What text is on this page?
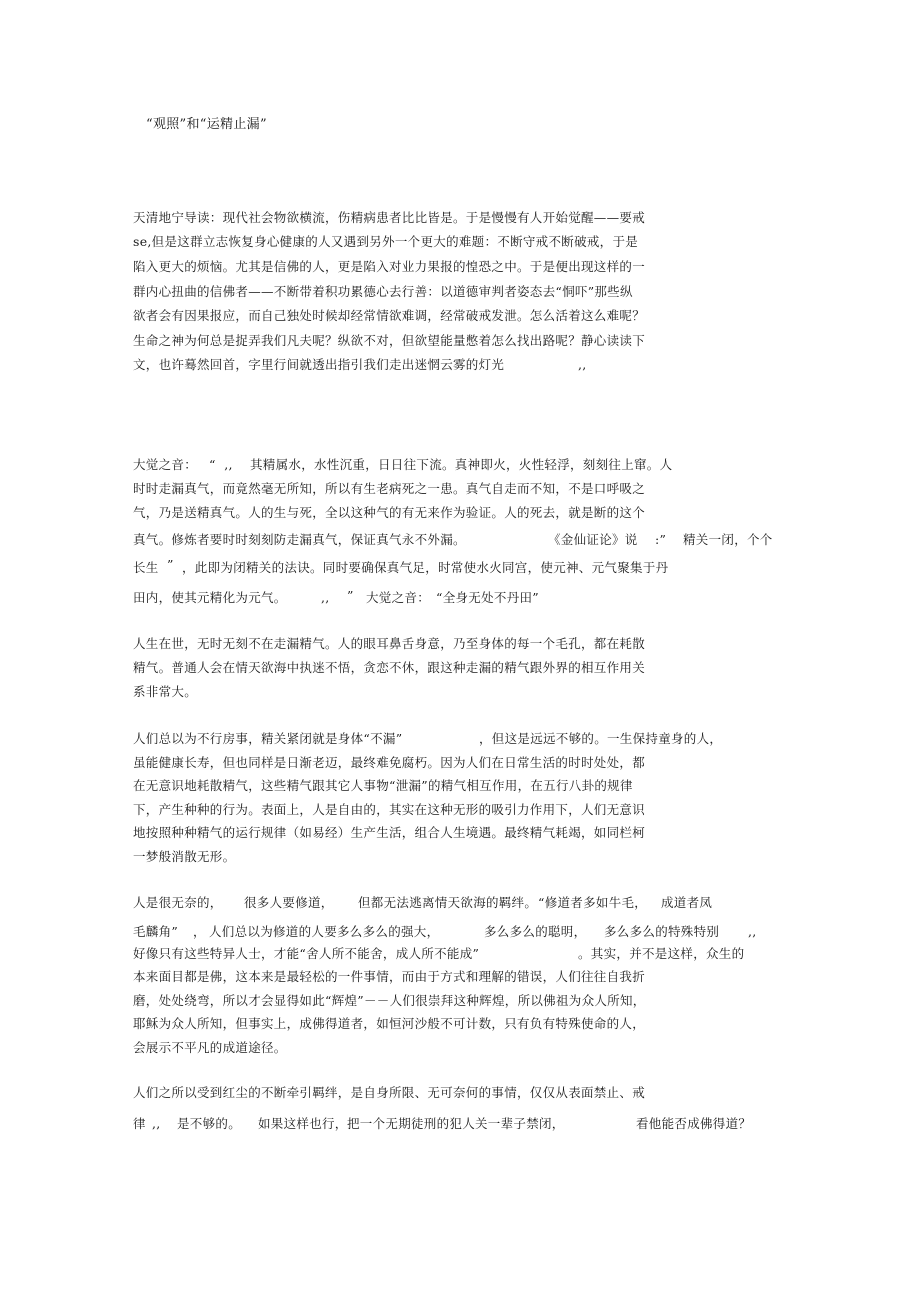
“观照”和“运精止漏”
天清地宁导读：现代社会物欲横流，伤精病患者比比皆是。于是慢慢有人开始觉醒——要戒
se,但是这群立志恢复身心健康的人又遇到另外一个更大的难题：不断守戒不断破戒，于是
陷入更大的烦恼。尤其是信佛的人，更是陷入对业力果报的惶恐之中。于是便出现这样的一
群内心扭曲的信佛者——不断带着积功累德心去行善：以道德审判者姿态去“恫吓”那些纵
欲者会有因果报应，而自己独处时候却经常情欲难调，经常破戒发泄。怎么活着这么难呢？
生命之神为何总是捉弄我们凡夫呢？纵欲不对，但欲望能量憋着怎么找出路呢？静心读读下
文，也许蓦然回首，字里行间就透出指引我们走出迷惘云雾的灯光	,,
大觉之音： “  ,, 其精属水，水性沉重，日日往下流。真神即火，火性轻浮，刻刻往上窜。人
时时走漏真气，而竟然毫无所知，所以有生老病死之一患。真气自走而不知，不是口呼吸之
气，乃是送精真气。人的生与死，全以这种气的有无来作为验证。人的死去，就是断的这个
真气。修炼者要时时刻刻防走漏真气，保证真气永不外漏。	《金仙证论》说 :” 精关一闭，个个
长生 ” ，此即为闭精关的法诀。同时要确保真气足，时常使水火同宫，使元神、元气聚集于丹
田内，使其元精化为元气。	,, ” 大觉之音： “全身无处不丹田”
人生在世，无时无刻不在走漏精气。人的眼耳鼻舌身意，乃至身体的每一个毛孔，都在耗散
精气。普通人会在情天欲海中执迷不悟，贪恋不休，跟这种走漏的精气跟外界的相互作用关
系非常大。
人们总以为不行房事，精关紧闭就是身体“不漏”	，但这是远远不够的。一生保持童身的人，
虽能健康长寿，但也同样是日渐老迈，最终难免腐朽。因为人们在日常生活的时时处处，都
在无意识地耗散精气，这些精气跟其它人事物“泄漏”的精气相互作用，在五行八卦的规律
下，产生种种的行为。表面上，人是自由的，其实在这种无形的吸引力作用下，人们无意识
地按照种种精气的运行规律（如易经）生产生活，组合人生境遇。最终精气耗竭，如同栏柯
一梦般消散无形。
人是很无奈的， 很多人要修道， 但都无法逃离情天欲海的羁绊。 “修道者多如牛毛， 成道者凤
毛麟角” ， 人们总以为修道的人要多么多么的强大，	多么多么的聪明， 多么多么的特殊特别 ,,
好像只有这些特异人士，才能“舍人所不能舍，成人所不能成”	。其实，并不是这样，众生的
本来面目都是佛，这本来是最轻松的一件事情，而由于方式和理解的错误，人们往往自我折
磨，处处绕弯，所以才会显得如此“辉煌”－－人们很崇拜这种辉煌，所以佛祖为众人所知，
耶稣为众人所知，但事实上，成佛得道者，如恒河沙般不可计数，只有负有特殊使命的人，
会展示不平凡的成道途径。
人们之所以受到红尘的不断牵引羁绊，是自身所限、无可奈何的事情，仅仅从表面禁止、戒
律 ,, 是不够的。 如果这样也行， 把一个无期徒刑的犯人关一辈子禁闭，	看他能否成佛得道？
